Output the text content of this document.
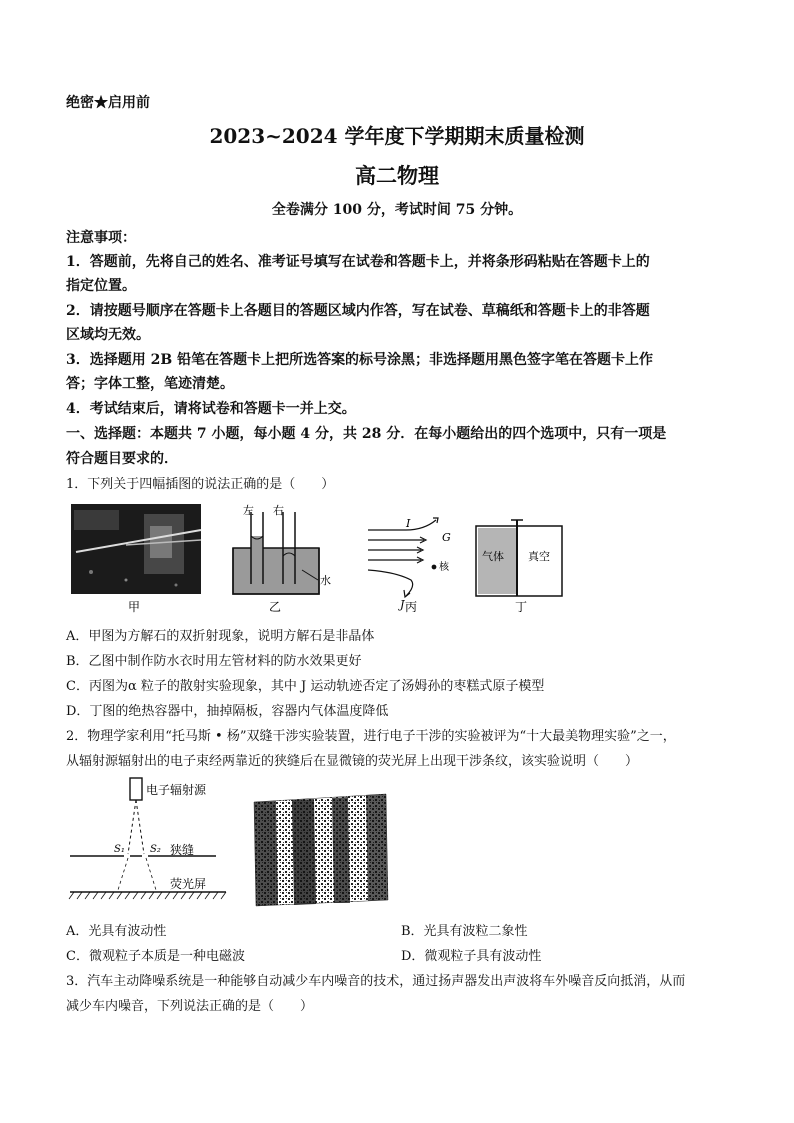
绝密★启用前
2023~2024 学年度下学期期末质量检测
高二物理
全卷满分 100 分，考试时间 75 分钟。
注意事项：
1．答题前，先将自己的姓名、准考证号填写在试卷和答题卡上，并将条形码粘贴在答题卡上的
指定位置。
2．请按题号顺序在答题卡上各题目的答题区域内作答，写在试卷、草稿纸和答题卡上的非答题
区域均无效。
3．选择题用 2B 铅笔在答题卡上把所选答案的标号涂黑；非选择题用黑色签字笔在答题卡上作
答；字体工整，笔迹清楚。
4．考试结束后，请将试卷和答题卡一并上交。
一、选择题：本题共 7 小题，每小题 4 分，共 28 分．在每小题给出的四个选项中，只有一项是
符合题目要求的．
1．下列关于四幅插图的说法正确的是（　　）
甲
左 右
水
乙
I
G
J
核
丙
气体 真空
丁
A．甲图为方解石的双折射现象，说明方解石是非晶体
B．乙图中制作防水衣时用左管材料的防水效果更好
C．丙图为α 粒子的散射实验现象，其中 J 运动轨迹否定了汤姆孙的枣糕式原子模型
D．丁图的绝热容器中，抽掉隔板，容器内气体温度降低
2．物理学家利用“托马斯 • 杨”双缝干涉实验装置，进行电子干涉的实验被评为“十大最美物理实验”之一，
从辐射源辐射出的电子束经两靠近的狭缝后在显微镜的荧光屏上出现干涉条纹，该实验说明（　　）
电子辐射源
S₁	S₂ 狭缝
荧光屏
A．光具有波动性	B．光具有波粒二象性
C．微观粒子本质是一种电磁波	D．微观粒子具有波动性
3．汽车主动降噪系统是一种能够自动减少车内噪音的技术，通过扬声器发出声波将车外噪音反向抵消，从而
减少车内噪音，下列说法正确的是（　　）
